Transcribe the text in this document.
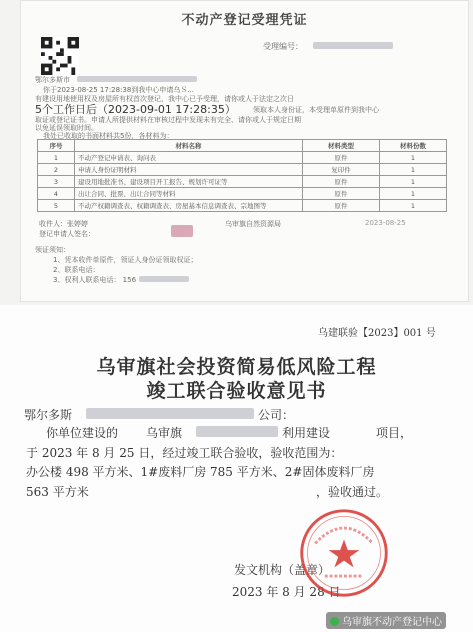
不动产登记受理凭证
受理编号：
鄂尔多斯市
你于2023-08-25 17:28:38到我中心申请乌Ｓ...
有建设用地使用权及房屋所有权首次登记，我中心已予受理，请你或人于法定之次日
5个工作日后（2023-09-01 17:28:35） 领取本人身份证，本受理单原件到我中心
取证或登记证书。申请人所提供材料在审核过程中发现未有完全、请你或人于规定日期
以免延误领取时间。
我处已收取的书面材料共5份，各材料为：
序号	材料名称	材料类型	材料份数
1	不动产登记申请表、询问表	原件	1
2	申请人身份证明材料	复印件	1
3	建设用地批准书、建设项目开工报告、规划许可证等	原件	1
4	出让合同、批票、出让合同等材料	原件	1
5	不动产权籍调查表、权籍调查表、房屋基本信息调查表、宗地图等	原件	1
收件人：张婷婷
登记申请人签名：
乌审旗自然资源局	2023-08-25
领证须知：
1、凭本收件单原件，领证人身份证领取权证；
2、联系电话：
3、权利人联系电话： 156
乌建联验【2023】001 号
乌审旗社会投资简易低风险工程
竣工联合验收意见书
鄂尔多斯	公司：
你单位建设的 乌审旗	利用建设	项目，
于 2023 年 8 月 25 日，经过竣工联合验收，验收范围为：
办公楼 498 平方米、1#废料厂房 785 平方米、2#固体废料厂房
563 平方米	，验收通过。
发文机构（盖章）
2023 年 8 月 28 日
乌审旗不动产登记中心
